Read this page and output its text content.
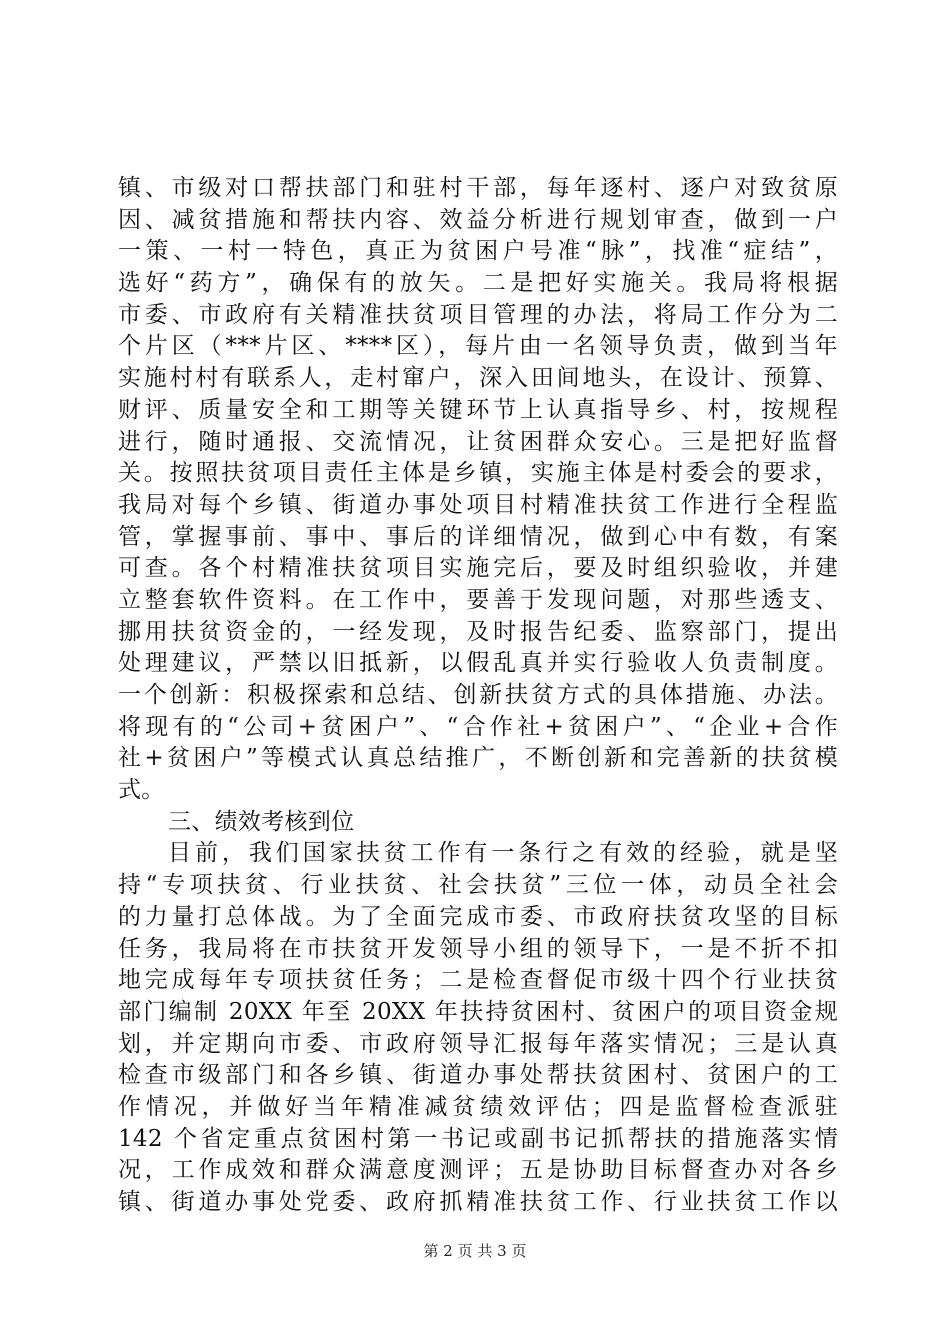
镇、市级对口帮扶部门和驻村干部，每年逐村、逐户对致贫原
因、减贫措施和帮扶内容、效益分析进行规划审查，做到一户
一策、一村一特色，真正为贫困户号准“脉”，找准“症结”，
选好“药方”，确保有的放矢。二是把好实施关。我局将根据
市委、市政府有关精准扶贫项目管理的办法，将局工作分为二
个片区（***片区、****区），每片由一名领导负责，做到当年
实施村村有联系人，走村窜户，深入田间地头，在设计、预算、
财评、质量安全和工期等关键环节上认真指导乡、村，按规程
进行，随时通报、交流情况，让贫困群众安心。三是把好监督
关。按照扶贫项目责任主体是乡镇，实施主体是村委会的要求，
我局对每个乡镇、街道办事处项目村精准扶贫工作进行全程监
管，掌握事前、事中、事后的详细情况，做到心中有数，有案
可查。各个村精准扶贫项目实施完后，要及时组织验收，并建
立整套软件资料。在工作中，要善于发现问题，对那些透支、
挪用扶贫资金的，一经发现，及时报告纪委、监察部门，提出
处理建议，严禁以旧抵新，以假乱真并实行验收人负责制度。
一个创新：积极探索和总结、创新扶贫方式的具体措施、办法。
将现有的“公司+贫困户”、“合作社+贫困户”、“企业+合作
社+贫困户”等模式认真总结推广，不断创新和完善新的扶贫模
式。
三、绩效考核到位
目前，我们国家扶贫工作有一条行之有效的经验，就是坚
持“专项扶贫、行业扶贫、社会扶贫”三位一体，动员全社会
的力量打总体战。为了全面完成市委、市政府扶贫攻坚的目标
任务，我局将在市扶贫开发领导小组的领导下，一是不折不扣
地完成每年专项扶贫任务；二是检查督促市级十四个行业扶贫
部门编制 20XX 年至 20XX 年扶持贫困村、贫困户的项目资金规
划，并定期向市委、市政府领导汇报每年落实情况；三是认真
检查市级部门和各乡镇、街道办事处帮扶贫困村、贫困户的工
作情况，并做好当年精准减贫绩效评估；四是监督检查派驻
142 个省定重点贫困村第一书记或副书记抓帮扶的措施落实情
况，工作成效和群众满意度测评；五是协助目标督查办对各乡
镇、街道办事处党委、政府抓精准扶贫工作、行业扶贫工作以
第 2 页 共 3 页
